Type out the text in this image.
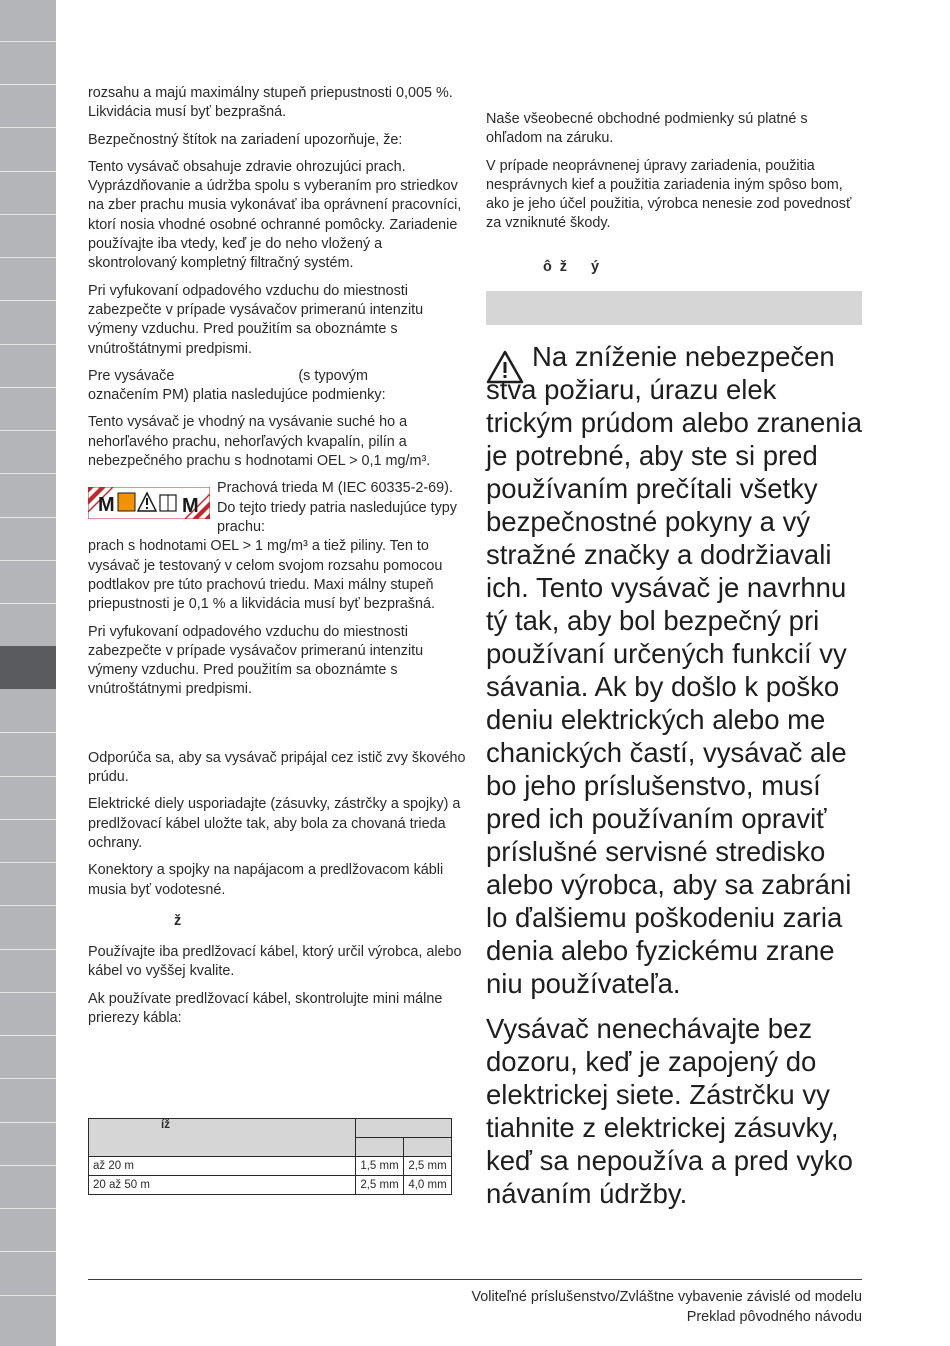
rozsahu a majú maximálny stupeň priepustnosti 0,005 %. Likvidácia musí byť bezprašná.

Bezpečnostný štítok na zariadení upozorňuje, že:

Tento vysávač obsahuje zdravie ohrozujúci prach. Vyprázdňovanie a údržba spolu s vyberaním pro striedkov na zber prachu musia vykonávať iba oprávnení pracovníci, ktorí nosia vhodné osobné ochranné pomôcky. Zariadenie používajte iba vtedy, keď je do neho vložený a skontrolovaný kompletný filtračný systém.

Pri vyfukovaní odpadového vzduchu do miestnosti zabezpečte v prípade vysávačov primeranú intenzitu výmeny vzduchu. Pred použitím sa oboznámte s vnútroštátnymi predpismi.

Pre vysávače	(s typovým
označením PM) platia nasledujúce podmienky:

Tento vysávač je vhodný na vysávanie suché ho a nehorľavého prachu, nehorľavých kvapalín, pilín a nebezpečného prachu s hodnotami OEL > 0,1 mg/m³.

M	M

Prachová trieda M (IEC 60335-2-69). Do tejto triedy patria nasledujúce typy prachu:

prach s hodnotami OEL > 1 mg/m³ a tiež piliny. Ten to vysávač je testovaný v celom svojom rozsahu pomocou podtlakov pre túto prachovú triedu. Maxi málny stupeň priepustnosti je 0,1 % a likvidácia musí byť bezprašná.

Pri vyfukovaní odpadového vzduchu do miestnosti zabezpečte v prípade vysávačov primeranú intenzitu výmeny vzduchu. Pred použitím sa oboznámte s vnútroštátnymi predpismi.

Odporúča sa, aby sa vysávač pripájal cez istič zvy škového prúdu.

Elektrické diely usporiadajte (zásuvky, zástrčky a spojky) a predlžovací kábel uložte tak, aby bola za chovaná trieda ochrany.

Konektory a spojky na napájacom a predlžovacom kábli musia byť vodotesné.

ž

Používajte iba predlžovací kábel, ktorý určil výrobca, alebo kábel vo vyššej kvalite.

Ak používate predlžovací kábel, skontrolujte mini málne prierezy kábla:

íž		

až 20 m	1,5 mm	2,5 mm
20 až 50 m	2,5 mm	4,0 mm

Naše všeobecné obchodné podmienky sú platné s ohľadom na záruku.

V prípade neoprávnenej úpravy zariadenia, použitia nesprávnych kief a použitia zariadenia iným spôso bom, ako je jeho účel použitia, výrobca nenesie zod povednosť za vzniknuté škody.

ô  ž      ý

Na zníženie nebezpečen stva požiaru, úrazu elek trickým prúdom alebo zranenia je potrebné, aby ste si pred používaním prečítali všetky bezpečnostné pokyny a vý stražné značky a dodržiavali ich. Tento vysávač je navrhnu tý tak, aby bol bezpečný pri používaní určených funkcií vy sávania. Ak by došlo k pоško deniu elektrických alebo me chanických častí, vysávač ale bo jeho príslušenstvo, musí pred ich používaním opraviť príslušné servisné stredisko alebo výrobca, aby sa zabráni lo ďalšiemu poškodeniu zaria denia alebo fyzickému zrane niu používateľa.

Vysávač nenechávajte bez dozoru, keď je zapojený do elektrickej siete. Zástrčku vy tiahnite z elektrickej zásuvky, keď sa nepoužíva a pred vyko návaním údržby.

Voliteľné príslušenstvo/Zvláštne vybavenie závislé od modelu
Preklad pôvodného návodu
